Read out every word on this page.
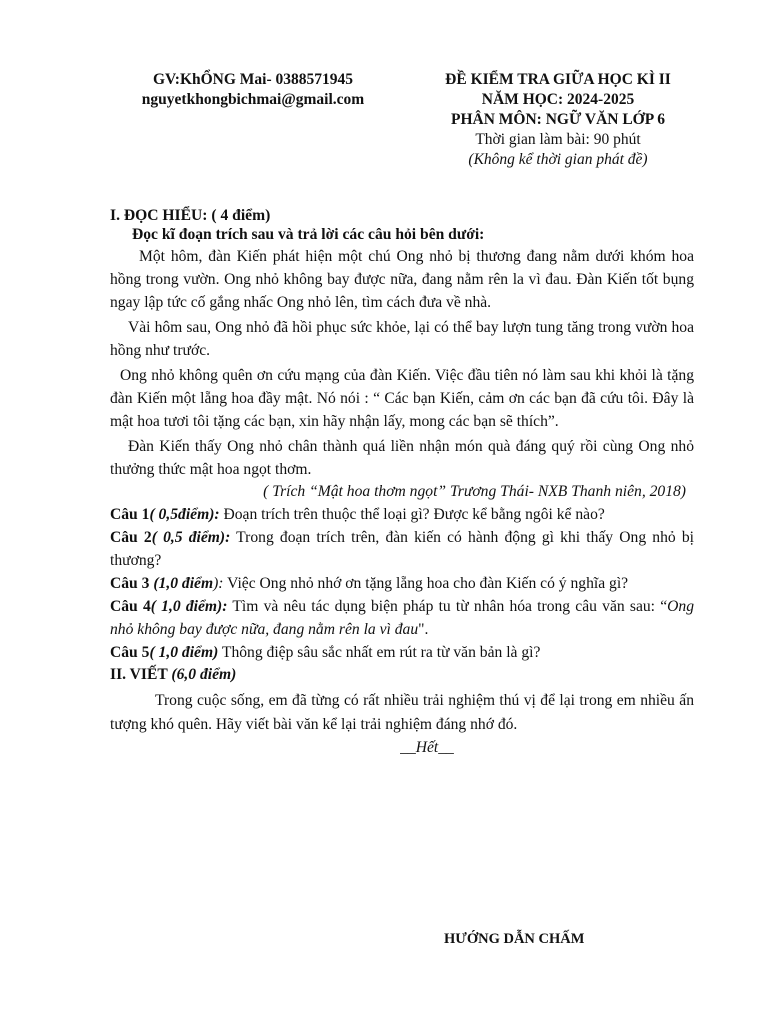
GV:KhỔNG Mai- 0388571945
nguyetkhongbichmai@gmail.com
ĐỀ KIỂM TRA GIỮA HỌC KÌ II
NĂM HỌC: 2024-2025
PHÂN MÔN: NGỮ VĂN LỚP 6
Thời gian làm bài: 90 phút
(Không kể thời gian phát đề)

I. ĐỌC HIỂU: ( 4 điểm)

Đọc kĩ đoạn trích sau và trả lời các câu hỏi bên dưới:

Một hôm, đàn Kiến phát hiện một chú Ong nhỏ bị thương đang nằm dưới khóm hoa hồng trong vườn. Ong nhỏ không bay được nữa, đang nằm rên la vì đau. Đàn Kiến tốt bụng ngay lập tức cố gắng nhấc Ong nhỏ lên, tìm cách đưa về nhà.

Vài hôm sau, Ong nhỏ đã hồi phục sức khỏe, lại có thể bay lượn tung tăng trong vườn hoa hồng như trước.

Ong nhỏ không quên ơn cứu mạng của đàn Kiến. Việc đầu tiên nó làm sau khi khỏi là tặng đàn Kiến một lẵng hoa đầy mật. Nó nói : “ Các bạn Kiến, cảm ơn các bạn đã cứu tôi. Đây là mật hoa tươi tôi tặng các bạn, xin hãy nhận lấy, mong các bạn sẽ thích”.

Đàn Kiến thấy Ong nhỏ chân thành quá liền nhận món quà đáng quý rồi cùng Ong nhỏ thưởng thức mật hoa ngọt thơm.

( Trích “Mật hoa thơm ngọt” Trương Thái- NXB Thanh niên, 2018)

Câu 1( 0,5điểm): Đoạn trích trên thuộc thể loại gì? Được kể bằng ngôi kể nào?

Câu 2( 0,5 điểm): Trong đoạn trích trên, đàn kiến có hành động gì khi thấy Ong nhỏ bị thương?

Câu 3 (1,0 điểm): Việc Ong nhỏ nhớ ơn tặng lẵng hoa cho đàn Kiến có ý nghĩa gì?

Câu 4( 1,0 điểm): Tìm và nêu tác dụng biện pháp tu từ nhân hóa trong câu văn sau: “Ong nhỏ không bay được nữa, đang nằm rên la vì đau".

Câu 5( 1,0 điểm) Thông điệp sâu sắc nhất em rút ra từ văn bản là gì?

II. VIẾT (6,0 điểm)

Trong cuộc sống, em đã từng có rất nhiều trải nghiệm thú vị để lại trong em nhiều ấn tượng khó quên. Hãy viết bài văn kể lại trải nghiệm đáng nhớ đó.

__Hết__

HƯỚNG DẪN CHẤM
